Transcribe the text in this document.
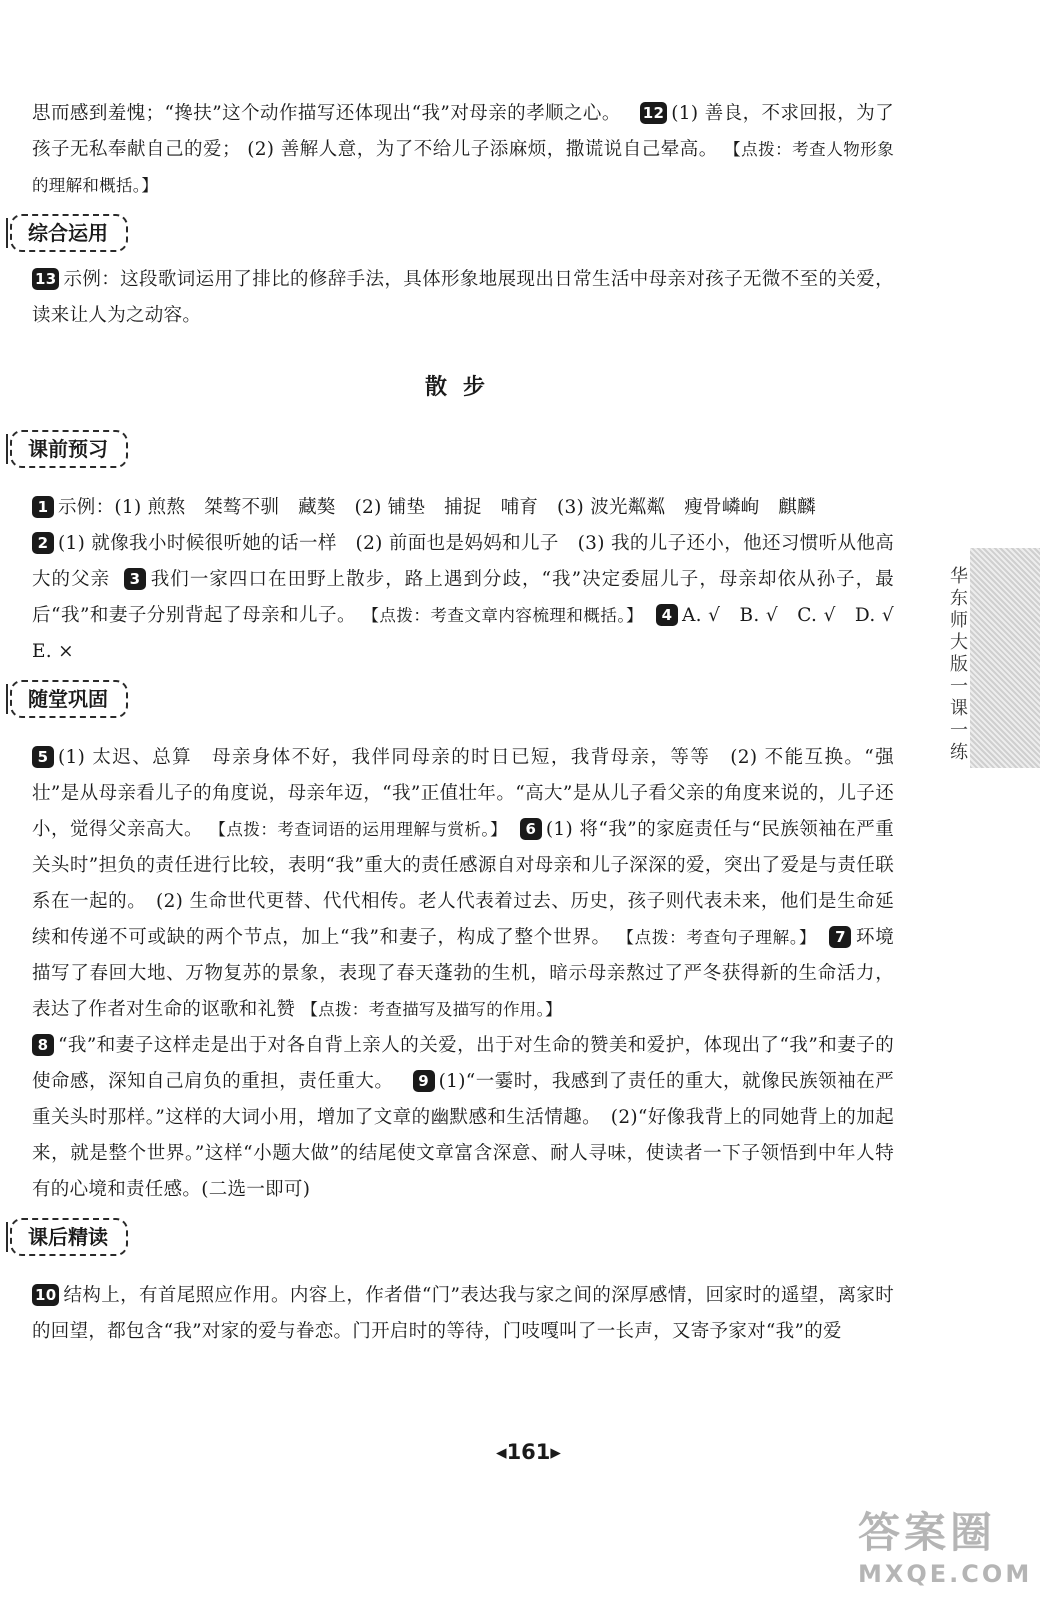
思而感到羞愧；“搀扶”这个动作描写还体现出“我”对母亲的孝顺之心。 12 (1) 善良，不求回报，为了孩子无私奉献自己的爱； (2) 善解人意，为了不给儿子添麻烦，撒谎说自己晕高。 【点拨：考查人物形象的理解和概括。】

综合运用

13 示例：这段歌词运用了排比的修辞手法，具体形象地展现出日常生活中母亲对孩子无微不至的关爱，读来让人为之动容。

散步
课前预习

1 示例：(1) 煎熬　桀骜不驯　藏獒　(2) 铺垫　捕捉　哺育　(3) 波光粼粼　瘦骨嶙峋　麒麟
2 (1) 就像我小时候很听她的话一样　(2) 前面也是妈妈和儿子　(3) 我的儿子还小，他还习惯听从他高大的父亲 3 我们一家四口在田野上散步，路上遇到分歧，“我”决定委屈儿子，母亲却依从孙子，最后“我”和妻子分别背起了母亲和儿子。 【点拨：考查文章内容梳理和概括。】 4 A. √　B. √　C. √　D. √　E. ×

随堂巩固

5 (1) 太迟、总算　母亲身体不好，我伴同母亲的时日已短，我背母亲，等等　(2) 不能互换。“强壮”是从母亲看儿子的角度说，母亲年迈，“我”正值壮年。“高大”是从儿子看父亲的角度来说的，儿子还小，觉得父亲高大。 【点拨：考查词语的运用理解与赏析。】 6 (1) 将“我”的家庭责任与“民族领袖在严重关头时”担负的责任进行比较，表明“我”重大的责任感源自对母亲和儿子深深的爱，突出了爱是与责任联系在一起的。　(2) 生命世代更替、代代相传。老人代表着过去、历史，孩子则代表未来，他们是生命延续和传递不可或缺的两个节点，加上“我”和妻子，构成了整个世界。 【点拨：考查句子理解。】 7 环境　描写了春回大地、万物复苏的景象，表现了春天蓬勃的生机，暗示母亲熬过了严冬获得新的生命活力，表达了作者对生命的讴歌和礼赞 【点拨：考查描写及描写的作用。】

8 “我”和妻子这样走是出于对各自背上亲人的关爱，出于对生命的赞美和爱护，体现出了“我”和妻子的使命感，深知自己肩负的重担，责任重大。 9 (1)“一霎时，我感到了责任的重大，就像民族领袖在严重关头时那样。”这样的大词小用，增加了文章的幽默感和生活情趣。　(2)“好像我背上的同她背上的加起来，就是整个世界。”这样“小题大做”的结尾使文章富含深意、耐人寻味，使读者一下子领悟到中年人特有的心境和责任感。(二选一即可)

课后精读

10 结构上，有首尾照应作用。内容上，作者借“门”表达我与家之间的深厚感情，回家时的遥望，离家时的回望，都包含“我”对家的爱与眷恋。门开启时的等待，门吱嘎叫了一长声，又寄予家对“我”的爱

华东师大版一课一练
◂161▸
答案圈
MXQE.COM
